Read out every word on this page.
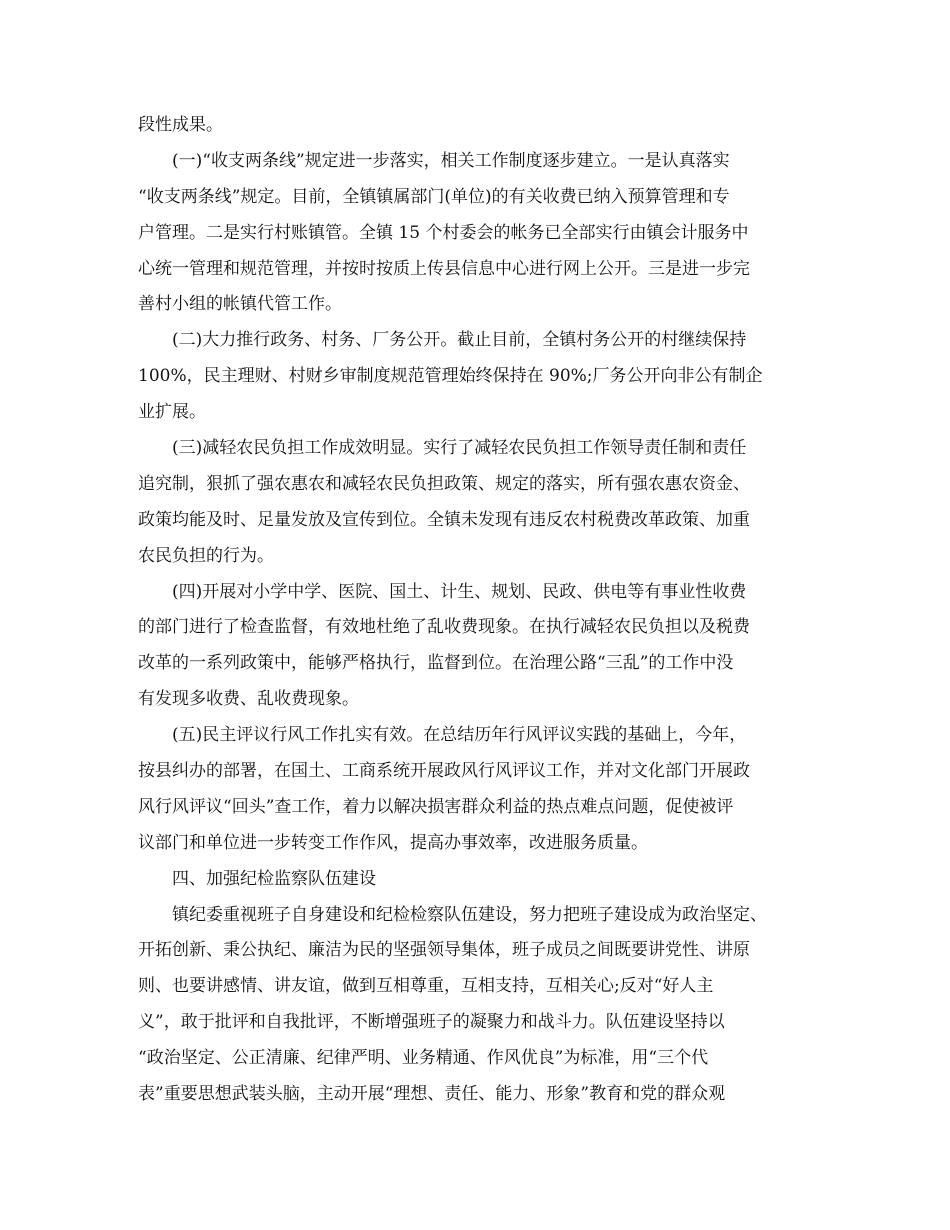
段性成果。
(一)“收支两条线”规定进一步落实，相关工作制度逐步建立。一是认真落实
“收支两条线”规定。目前，全镇镇属部门(单位)的有关收费已纳入预算管理和专
户管理。二是实行村账镇管。全镇 15 个村委会的帐务已全部实行由镇会计服务中
心统一管理和规范管理，并按时按质上传县信息中心进行网上公开。三是进一步完
善村小组的帐镇代管工作。
(二)大力推行政务、村务、厂务公开。截止目前，全镇村务公开的村继续保持
100%，民主理财、村财乡审制度规范管理始终保持在 90%;厂务公开向非公有制企
业扩展。
(三)减轻农民负担工作成效明显。实行了减轻农民负担工作领导责任制和责任
追究制，狠抓了强农惠农和减轻农民负担政策、规定的落实，所有强农惠农资金、
政策均能及时、足量发放及宣传到位。全镇未发现有违反农村税费改革政策、加重
农民负担的行为。
(四)开展对小学中学、医院、国土、计生、规划、民政、供电等有事业性收费
的部门进行了检查监督，有效地杜绝了乱收费现象。在执行减轻农民负担以及税费
改革的一系列政策中，能够严格执行，监督到位。在治理公路“三乱”的工作中没
有发现多收费、乱收费现象。
(五)民主评议行风工作扎实有效。在总结历年行风评议实践的基础上，今年，
按县纠办的部署，在国土、工商系统开展政风行风评议工作，并对文化部门开展政
风行风评议“回头”查工作，着力以解决损害群众利益的热点难点问题，促使被评
议部门和单位进一步转变工作作风，提高办事效率，改进服务质量。
四、加强纪检监察队伍建设
镇纪委重视班子自身建设和纪检检察队伍建设，努力把班子建设成为政治坚定、
开拓创新、秉公执纪、廉洁为民的坚强领导集体，班子成员之间既要讲党性、讲原
则、也要讲感情、讲友谊，做到互相尊重，互相支持，互相关心;反对“好人主
义”，敢于批评和自我批评，不断增强班子的凝聚力和战斗力。队伍建设坚持以
“政治坚定、公正清廉、纪律严明、业务精通、作风优良”为标准，用“三个代
表”重要思想武装头脑，主动开展“理想、责任、能力、形象”教育和党的群众观
